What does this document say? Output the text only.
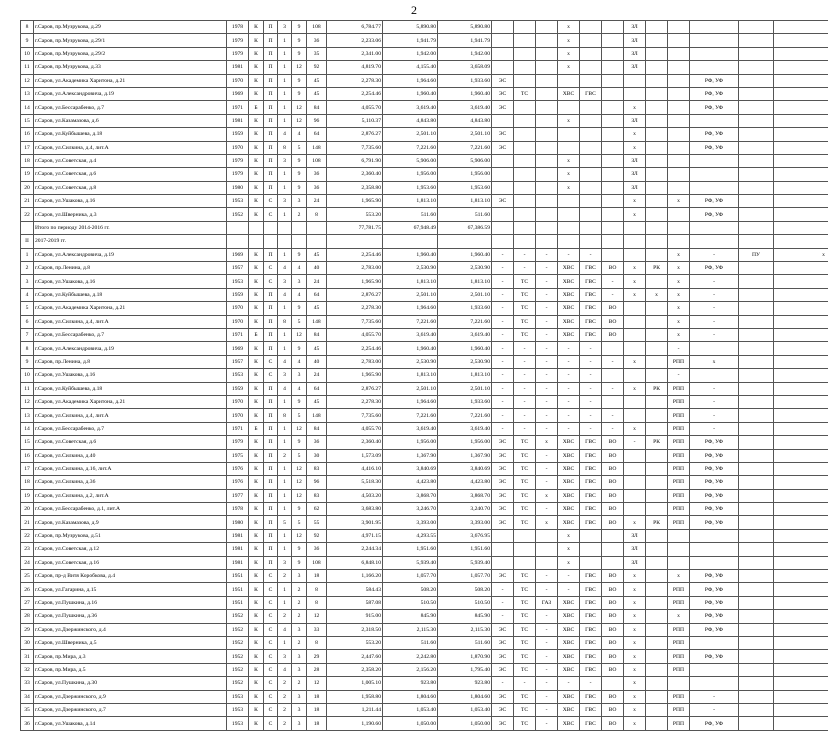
2
8	г.Саров, пр.Музрукова, д.29	1978	К	П	3	9	108	6,784.77	5,890.80	5,890.80				х			ЗЛ					
9	г.Саров, пр.Музрукова, д.29/1	1979	К	П	1	9	36	2,233.06	1,941.79	1,941.79				х			ЗЛ					
10	г.Саров, пр.Музрукова, д.29/2	1979	К	П	1	9	35	2,341.00	1,942.00	1,942.00				х			ЗЛ					
11	г.Саров, пр.Музрукова, д.33	1981	К	П	1	12	92	4,819.70	4,155.40	3,658.09				х			ЗЛ					
12	г.Саров, ул.Академика Харитона, д.21	1970	К	П	1	9	45	2,278.30	1,964.60	1,933.60	ЭС									РФ, УФ		
13	г.Саров, ул.Александровича, д.19	1969	К	П	1	9	45	2,254.46	1,960.40	1,960.40	ЭС	ТС		ХВС	ГВС					РФ, УФ		
14	г.Саров, ул.Бессарабенко, д.7	1971	Б	П	1	12	84	4,055.70	3,619.40	3,619.40	ЭС						х			РФ, УФ		
15	г.Саров, ул.Казамазова, д.6	1981	К	П	1	12	96	5,110.37	4,843.80	4,843.80				х			ЗЛ					
16	г.Саров, ул.Куйбышева, д.18	1959	К	П	4	4	64	2,876.27	2,501.10	2,501.10	ЭС						х			РФ, УФ		
17	г.Саров, ул.Силкина, д.4, лит.А	1970	К	П	8	5	148	7,735.60	7,221.60	7,221.60	ЭС						х			РФ, УФ		
18	г.Саров, ул.Советская, д.4	1979	К	П	3	9	108	6,791.90	5,906.00	5,906.00				х			ЗЛ					
19	г.Саров, ул.Советская, д.6	1979	К	П	1	9	36	2,360.40	1,956.00	1,956.00				х			ЗЛ					
20	г.Саров, ул.Советская, д.8	1980	К	П	1	9	36	2,358.80	1,953.60	1,953.60				х			ЗЛ					
21	г.Саров, ул.Ушакова, д.16	1953	К	С	3	3	24	1,965.90	1,813.10	1,813.10	ЭС						х		х	РФ, УФ		
22	г.Саров, ул.Шверника, д.3	1952	К	С	1	2	8	553.20	511.60	511.60							х			РФ, УФ		
	Итого по периоду 2014-2016 гг.							77,781.75	67,948.49	67,386.59												
II	2017-2019 гг.																					
1	г.Саров, ул.Александровича, д.19	1969	К	П	1	9	45	2,254.46	1,960.40	1,960.40	-	-	-	-	-				х	-	ПУ	х
2	г.Саров, пр.Ленина, д.8	1957	К	С	4	4	40	2,783.00	2,530.90	2,530.90	-	-	-	ХВС	ГВС	ВО	х	РК	х	РФ, УФ		
3	г.Саров, ул.Ушакова, д.16	1953	К	С	3	3	24	1,965.90	1,813.10	1,813.10	-	ТС	-	ХВС	ГВС	-	х		х	-		
4	г.Саров, ул.Куйбышева, д.18	1959	К	П	4	4	64	2,876.27	2,501.10	2,501.10	-	ТС	-	ХВС	ГВС	-	х	х	х	-		
5	г.Саров, ул.Академика Харитона, д.21	1970	К	П	1	9	45	2,278.30	1,964.60	1,933.60	-	ТС	-	ХВС	ГВС	ВО			х	-		
6	г.Саров, ул.Силкина, д.4, лит.А	1970	К	П	8	5	148	7,735.60	7,221.60	7,221.60	-	ТС	-	ХВС	ГВС	ВО			х	-		
7	г.Саров, ул.Бессарабенко, д.7	1971	Б	П	1	12	84	4,055.70	3,619.40	3,619.40	-	ТС	-	ХВС	ГВС	ВО			х	-		
8	г.Саров, ул.Александровича, д.19	1969	К	П	1	9	45	2,254.46	1,960.40	1,960.40	-	-	-	-	-				-			
9	г.Саров, пр.Ленина, д.8	1957	К	С	4	4	40	2,783.00	2,530.90	2,530.90	-	-	-	-	-	-	х		РПП	х		
10	г.Саров, ул.Ушакова, д.16	1953	К	С	3	3	24	1,965.90	1,813.10	1,813.10	-	-	-	-	-				-			
11	г.Саров, ул.Куйбышева, д.18	1959	К	П	4	4	64	2,876.27	2,501.10	2,501.10	-	-	-	-	-	-	х	РК	РПП	-		
12	г.Саров, ул.Академика Харитона, д.21	1970	К	П	1	9	45	2,278.30	1,964.60	1,933.60	-	-	-	-	-				РПП	-		
13	г.Саров, ул.Силкина, д.4, лит.А	1970	К	П	8	5	148	7,735.60	7,221.60	7,221.60	-	-	-	-	-	-			РПП	-		
14	г.Саров, ул.Бессарабенко, д.7	1971	Б	П	1	12	84	4,055.70	3,619.40	3,619.40	-	-	-	-	-	-	х		РПП	-		
15	г.Саров, ул.Советская, д.6	1979	К	П	1	9	36	2,360.40	1,956.00	1,956.00	ЭС	ТС	х	ХВС	ГВС	ВО	-	РК	РПП	РФ, УФ		
16	г.Саров, ул.Силкина, д.40	1975	К	П	2	5	30	1,573.09	1,367.90	1,367.90	ЭС	ТС	-	ХВС	ГВС	ВО			РПП	РФ, УФ		
17	г.Саров, ул.Силкина, д.16, лит.А	1976	К	П	1	12	83	4,416.10	3,840.69	3,840.69	ЭС	ТС	-	ХВС	ГВС	ВО			РПП	РФ, УФ		
18	г.Саров, ул.Силкина, д.36	1976	К	П	1	12	96	5,518.30	4,423.80	4,423.80	ЭС	ТС	-	ХВС	ГВС	ВО			РПП	РФ, УФ		
19	г.Саров, ул.Силкина, д.2, лит.А	1977	К	П	1	12	83	4,503.20	3,868.70	3,868.70	ЭС	ТС	х	ХВС	ГВС	ВО			РПП	РФ, УФ		
20	г.Саров, ул.Бессарабенко, д.1, лит.А	1978	К	П	1	9	62	3,683.80	3,246.70	3,240.70	ЭС	ТС	-	ХВС	ГВС	ВО			РПП	РФ, УФ		
21	г.Саров, ул.Казамазова, д.9	1980	К	П	5	5	55	3,901.95	3,393.00	3,393.00	ЭС	ТС	х	ХВС	ГВС	ВО	х	РК	РПП	РФ, УФ		
22	г.Саров, пр.Музрукова, д.51	1981	К	П	1	12	92	4,971.15	4,293.55	3,676.95				х			ЗЛ					
23	г.Саров, ул.Советская, д.12	1981	К	П	1	9	36	2,244.34	1,951.60	1,951.60				х			ЗЛ					
24	г.Саров, ул.Советская, д.16	1981	К	П	3	9	108	6,848.10	5,939.40	5,939.40				х			ЗЛ					
25	г.Саров, пр-д Витя Коробкова, д.4	1951	К	С	2	3	18	1,166.20	1,057.70	1,057.70	ЭС	ТС	-	-	ГВС	ВО	х		х	РФ, УФ		
26	г.Саров, ул.Гагарина, д.15	1951	К	С	1	2	8	584.43	508.20	508.20	-	ТС	-	-	ГВС	ВО	х		РПП	РФ, УФ		
27	г.Саров, ул.Пушкина, д.16	1951	К	С	1	2	8	587.08	510.50	510.50	-	ТС	ГАЗ	ХВС	ГВС	ВО	х		РПП	РФ, УФ		
28	г.Саров, ул.Пушкина, д.36	1952	К	С	2	2	12	915.00	845.90	845.90	-	ТС	-	ХВС	ГВС	ВО	х		х	РФ, УФ		
29	г.Саров, ул.Дзержинского, д.4	1952	К	С	4	3	33	2,318.50	2,115.30	2,115.30	ЭС	ТС	-	ХВС	ГВС	ВО	х		РПП	РФ, УФ		
30	г.Саров, ул.Шверника, д.5	1952	К	С	1	2	8	553.20	511.60	511.60	ЭС	ТС	-	ХВС	ГВС	ВО	х		РПП			
31	г.Саров, пр.Мира, д.3	1952	К	С	3	3	29	2,447.60	2,242.80	1,870.90	ЭС	ТС	-	ХВС	ГВС	ВО	х		РПП	РФ, УФ		
32	г.Саров, пр.Мира, д.5	1952	К	С	4	3	28	2,358.20	2,156.20	1,795.40	ЭС	ТС	-	ХВС	ГВС	ВО	х		РПП			
33	г.Саров, ул.Пушкина, д.30	1952	К	С	2	2	12	1,005.10	923.80	923.80	-	-	-	-	-		х					
34	г.Саров, ул.Дзержинского, д.9	1953	К	С	2	3	18	1,958.80	1,804.60	1,804.60	ЭС	ТС	-	ХВС	ГВС	ВО	х		РПП	-		
35	г.Саров, ул.Дзержинского, д.7	1953	К	С	2	3	18	1,211.44	1,053.40	1,053.40	ЭС	ТС	-	ХВС	ГВС	ВО	х		РПП	-		
36	г.Саров, ул.Ушакова, д.14	1953	К	С	2	3	18	1,190.60	1,050.00	1,050.00	ЭС	ТС	-	ХВС	ГВС	ВО	х		РПП	РФ, УФ		
